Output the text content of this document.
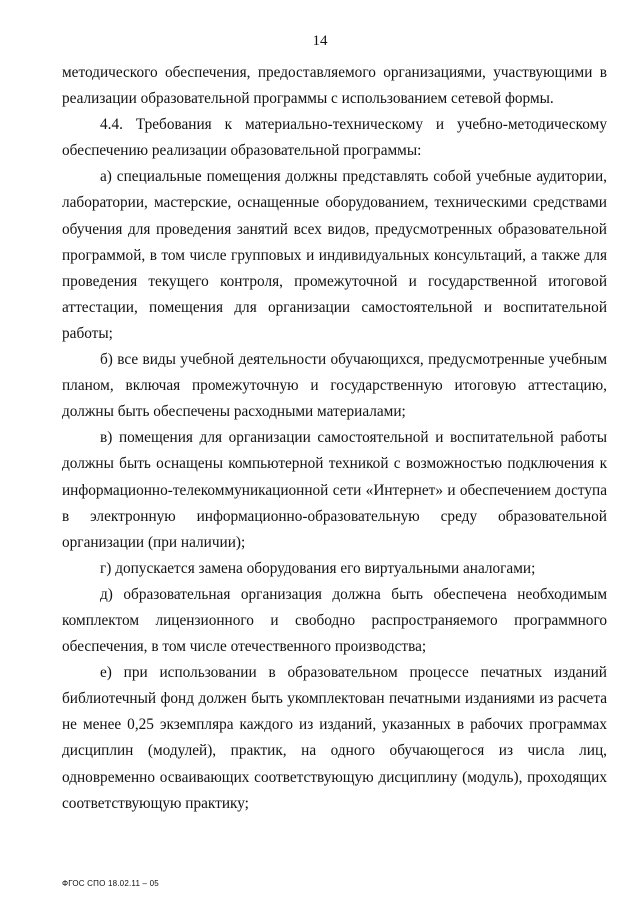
14

методического обеспечения, предоставляемого организациями, участвующими в реализации образовательной программы с использованием сетевой формы.

4.4. Требования к материально-техническому и учебно-методическому обеспечению реализации образовательной программы:

а) специальные помещения должны представлять собой учебные аудитории, лаборатории, мастерские, оснащенные оборудованием, техническими средствами обучения для проведения занятий всех видов, предусмотренных образовательной программой, в том числе групповых и индивидуальных консультаций, а также для проведения текущего контроля, промежуточной и государственной итоговой аттестации, помещения для организации самостоятельной и воспитательной работы;

б) все виды учебной деятельности обучающихся, предусмотренные учебным планом, включая промежуточную и государственную итоговую аттестацию, должны быть обеспечены расходными материалами;

в) помещения для организации самостоятельной и воспитательной работы должны быть оснащены компьютерной техникой с возможностью подключения к информационно-телекоммуникационной сети «Интернет» и обеспечением доступа в электронную информационно-образовательную среду образовательной организации (при наличии);

г) допускается замена оборудования его виртуальными аналогами;

д) образовательная организация должна быть обеспечена необходимым комплектом лицензионного и свободно распространяемого программного обеспечения, в том числе отечественного производства;

е) при использовании в образовательном процессе печатных изданий библиотечный фонд должен быть укомплектован печатными изданиями из расчета не менее 0,25 экземпляра каждого из изданий, указанных в рабочих программах дисциплин (модулей), практик, на одного обучающегося из числа лиц, одновременно осваивающих соответствующую дисциплину (модуль), проходящих соответствующую практику;

ФГОС СПО 18.02.11 – 05
